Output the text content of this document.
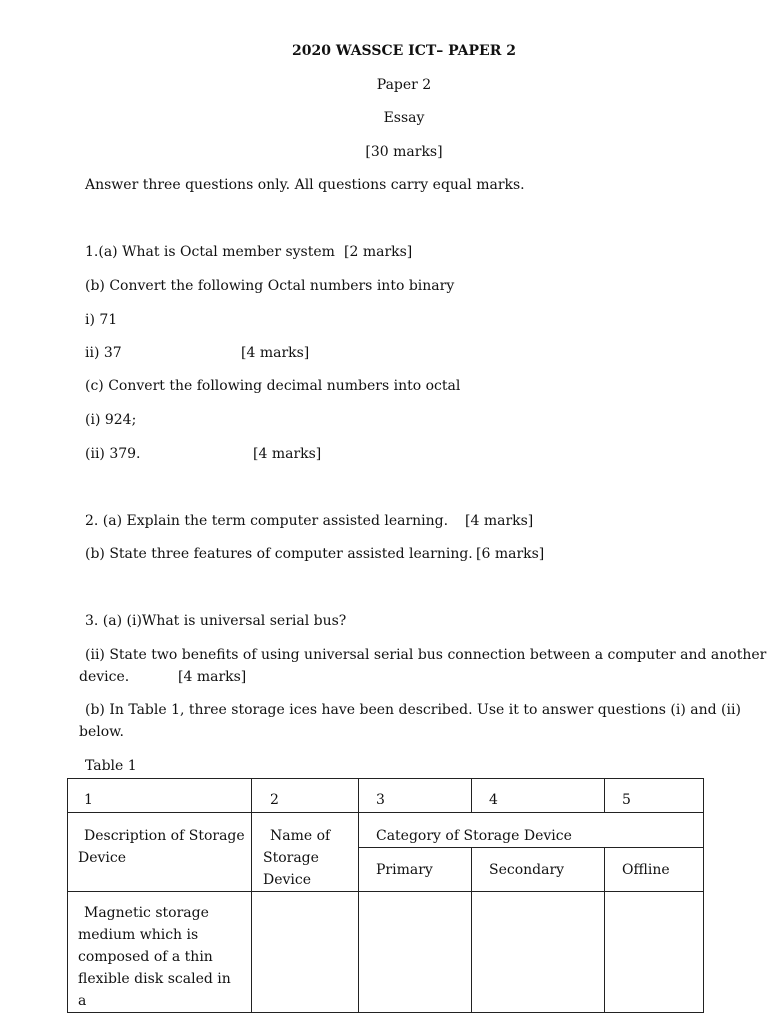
2020 WASSCE ICT– PAPER 2
Paper 2
Essay
[30 marks]
Answer three questions only. All questions carry equal marks.
1.(a) What is Octal member system [2 marks]
(b) Convert the following Octal numbers into binary
i) 71
ii) 37	[4 marks]
(c) Convert the following decimal numbers into octal
(i) 924;
(ii) 379.	[4 marks]
2. (a) Explain the term computer assisted learning. [4 marks]
(b) State three features of computer assisted learning. [6 marks]
3. (a) (i)What is universal serial bus?
(ii) State two benefits of using universal serial bus connection between a computer and another
device.	[4 marks]
(b) In Table 1, three storage ices have been described. Use it to answer questions (i) and (ii)
below.
Table 1
1	2	3	4	5

Description of Storage Device	Name of Storage Device	Category of Storage Device		

		Primary	Secondary	Offline

Magnetic storage medium which is composed of a thin flexible disk scaled in a				
